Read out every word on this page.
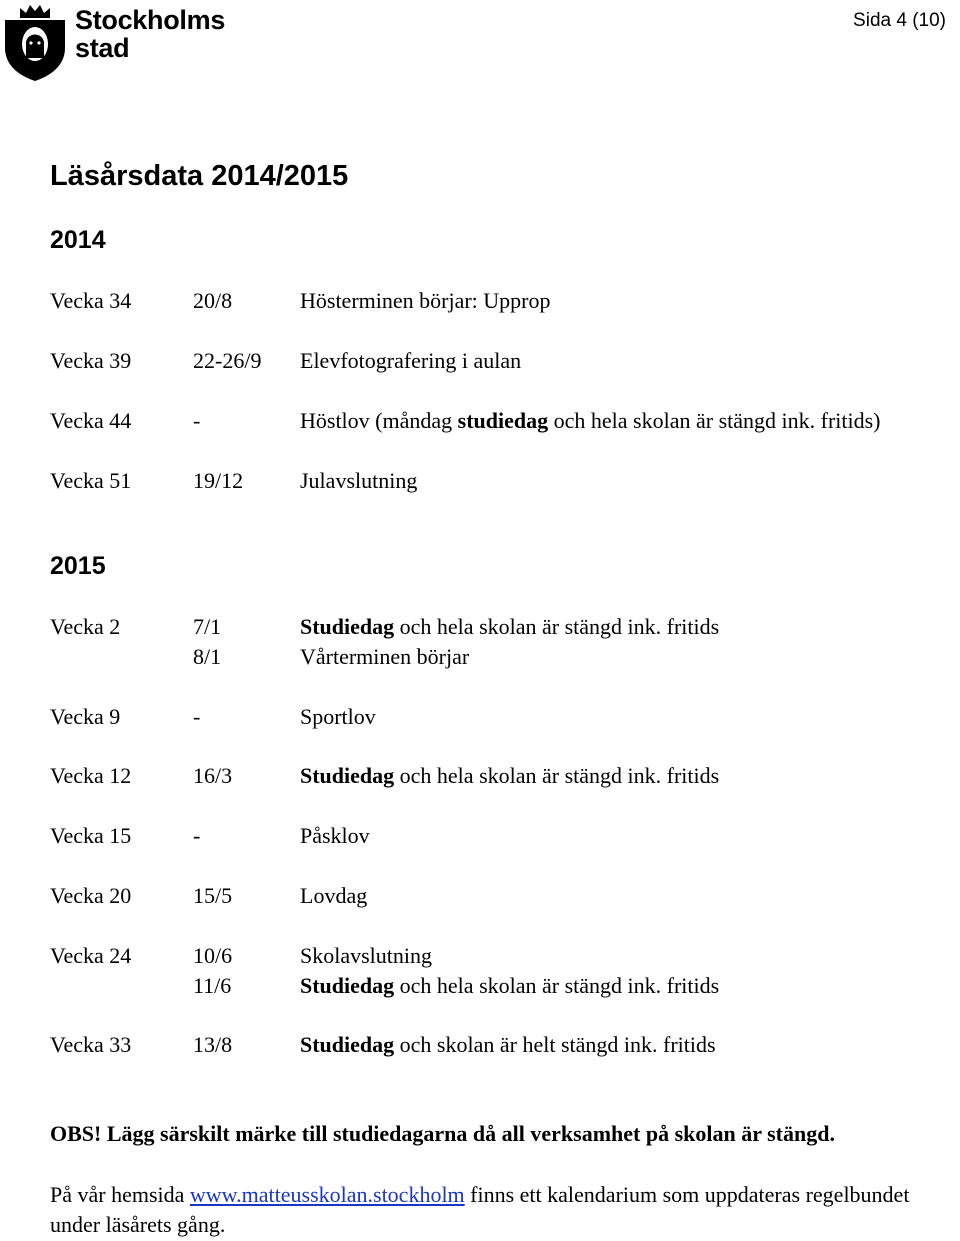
Stockholms
stad
Sida 4 (10)
Läsårsdata 2014/2015
2014
Vecka 34	20/8	Hösterminen börjar: Upprop
Vecka 39	22-26/9 Elevfotografering i aulan
Vecka 44	-	Höstlov (måndag studiedag och hela skolan är stängd ink. fritids)
Vecka 51	19/12	Julavslutning
2015
Vecka 2	7/1	Studiedag och hela skolan är stängd ink. fritids
8/1	Vårterminen börjar
Vecka 9	-	Sportlov
Vecka 12	16/3	Studiedag och hela skolan är stängd ink. fritids
Vecka 15	-	Påsklov
Vecka 20	15/5	Lovdag
Vecka 24	10/6	Skolavslutning
11/6	Studiedag och hela skolan är stängd ink. fritids
Vecka 33	13/8	Studiedag och skolan är helt stängd ink. fritids
OBS! Lägg särskilt märke till studiedagarna då all verksamhet på skolan är stängd.
På vår hemsida www.matteusskolan.stockholm finns ett kalendarium som uppdateras regelbundet under läsårets gång.
